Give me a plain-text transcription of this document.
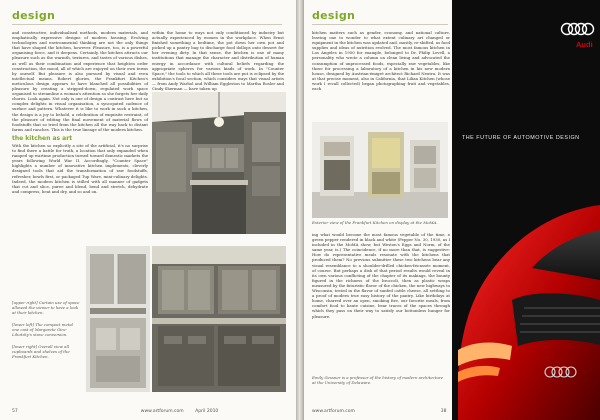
design
and constructive, individualised methods, modern materials, and emphatically expressive designs of modern housing. Evolving technologies and environmental thinking are not the only things that have shaped the kitchen, however. Pleasure, too, is a powerful organising force, and it deepens. Certainly, the kitchen attracts our pleasure such as the warmth, textures, and tastes of various dishes, as well as their combination and experience that heighten order construction, the mood, all of which are enjoyed on their own terms by oneself. But pleasure is also pursued by visual and even intellectual means. Robert glories, the Frankfurt Kitchen's meticulous design appears to have blanched all possibilities of pleasure by creating a stripped-down, regulated work space organised to streamline a woman's attention so she forgets her daily chores. Look again. Not only is one of design a contrast here but so complex delights in visual organisation, a syncopated cadence of surface and pattern. Whatever it is like to work in such a kitchen, the design is a joy to behold, a celebration of exquisite restraint, of the pleasure of editing the final movement of material flows of foodstuffs that so tried from the kitchen all the way back to distant farms and ranches. This is the true lineage of the modern kitchen.
the kitchen as art
With the kitchen so explicitly a site of the artificial, it's no surprise to find there a battle for truth, a location that only expanded when ramped up wartime production turned toward domestic markets the years following World War II. Accordingly, "Counter Space" highlights a number of innovative kitchen implements, cleverly designed tools that aid the transformation of raw foodstuffs, refresher, bowls first, or packaged Tup Ware, mini-culinary delights. Indeed, the modern kitchen is stilled with all manner of gadgets that cut and slice, puree and blend, bend and stretch, dehydrate and compress, heat and dry, and so and on.
within the home to ways not only conditioned by industry but actually experienced by women in the workplace. When Ernst finished something a bedtime, the pot down her own pot and picked up a pantry bag to discharge food dollops onto dessert for her evening dirty. In that sense, the kitchen is one of many institutions that manage the character and distribution of human energy in accordance with cultural beliefs regarding the appropriate spheres for various kinds of work. In "Counter Space," the tools to which all these tools are put is eclipsed by the exhibition's focal section, which considers ways that visual artists — from Andy Warhol and William Eggleston to Martha Rosler and Cindy Sherman — have taken up
[upper right] Curtain use of space allowed the viewer to have a look at their kitchen.
[lower left] The compact metal one cast of Margarete Ginz-Lihotzky's stove conversion.
[lower right] Overall view all cupboards and shelves of the Frankfurt Kitchen.
57	www.artforum.com	April 2010
design
kitchen matters such as gender, economy, and national culture, leaving one to wonder to what extent culinary art changed or equipment in the kitchen was updated and, mostly, re-shifted, as food supplies and ideas of nutrition evolved. The most famous kitchen in Los Angeles in 1950 for example, belonged to Dr. Philip Lovell, a personality who wrote a column on clean living and advocated the consumption of unprocessed foods, especially raw vegetables, like those for processing a laboratory of a kitchen in his new modern house, designed by Austrian-émigré architect Richard Neutra. It was at that precise moment, also in California, that Lilian Kitchen (whose work I recall collected) began photographing fruit and vegetables, each
Exterior view of the Frankfurt Kitchen on display at the MoMA.
ing what would become the most famous vegetable of the time, a green pepper rendered in black and white (Pepper No. 30, 1930, as I included in the MoMA show, but Weston's Eggs and Norm, of the same year, is.) The coincidence, if no more than that, is suggestive: How do representative meals resonate with the kitchens that produced them? No previous submitter these two kitchens bear any visual resemblance to a shoulder-drilled chicken-fricassée moment, of course. But perhaps a dish of that period results would reveal in its own various conflicting of the chapter of its makings, the bounty figured in the richness of the broccoli, then as plastic wraps measured by the futuristic flavor of the chicken, the new highways to Wisconsin, tested in the flavor of sunfed cattle cheese, all settling to a proof of modern true easy history of the pantry. Like birthdays at home, charred over an open, smoking fire, our favorite meals, from comfort food to haute cuisine, bear traces of the spaces through which they pass on their way to satisfy our bottomless hunger for pleasure.
Emily Gessner is a professor of the history of modern architecture at the University of Delaware.
www.artforum.com	38
Audi
THE FUTURE OF AUTOMOTIVE DESIGN
